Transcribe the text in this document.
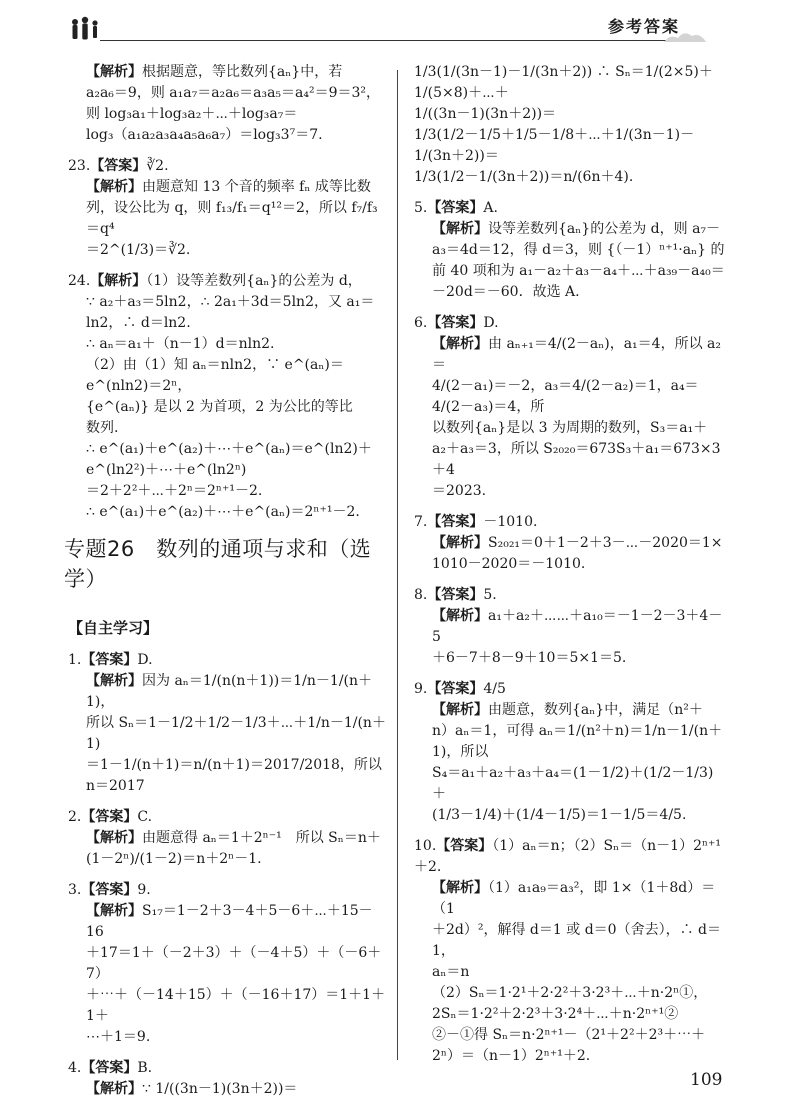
参考答案
【解析】根据题意，等比数列{aₙ}中，若
a₂a₆＝9，则 a₁a₇＝a₂a₆＝a₃a₅＝a₄²＝9＝3²，
则 log₃a₁＋log₃a₂＋⋯＋log₃a₇＝
log₃（a₁a₂a₃a₄a₅a₆a₇）＝log₃3⁷＝7.
23.【答案】∛2.
【解析】由题意知 13 个音的频率 fₙ 成等比数
列，设公比为 q，则 f₁₃/f₁＝q¹²＝2，所以 f₇/f₃＝q⁴
＝2^(1/3)＝∛2.
24.【解析】（1）设等差数列{aₙ}的公差为 d，
∵ a₂＋a₃＝5ln2，∴ 2a₁＋3d＝5ln2，又 a₁＝
ln2，∴ d＝ln2.
∴ aₙ＝a₁＋（n－1）d＝nln2.
（2）由（1）知 aₙ＝nln2，∵ e^(aₙ)＝e^(nln2)＝2ⁿ，
{e^(aₙ)} 是以 2 为首项，2 为公比的等比
数列.
∴ e^(a₁)＋e^(a₂)＋⋯＋e^(aₙ)＝e^(ln2)＋e^(ln2²)＋⋯＋e^(ln2ⁿ)
＝2＋2²＋⋯＋2ⁿ＝2ⁿ⁺¹－2.
∴ e^(a₁)＋e^(a₂)＋⋯＋e^(aₙ)＝2ⁿ⁺¹－2.
专题26　数列的通项与求和（选学）
【自主学习】
1.【答案】D.
【解析】因为 aₙ＝1/(n(n＋1))＝1/n－1/(n＋1)，
所以 Sₙ＝1－1/2＋1/2－1/3＋⋯＋1/n－1/(n＋1)
＝1－1/(n＋1)＝n/(n＋1)＝2017/2018，所以 n＝2017
2.【答案】C.
【解析】由题意得 aₙ＝1＋2ⁿ⁻¹　所以 Sₙ＝n＋
(1－2ⁿ)/(1－2)＝n＋2ⁿ－1.
3.【答案】9.
【解析】S₁₇＝1－2＋3－4＋5－6＋⋯＋15－16
＋17＝1＋（－2＋3）＋（－4＋5）＋（－6＋7）
＋⋯＋（－14＋15）＋（－16＋17）＝1＋1＋1＋
⋯＋1＝9.
4.【答案】B.
【解析】∵ 1/((3n－1)(3n＋2))＝
1/3(1/(3n－1)－1/(3n＋2)) ∴ Sₙ＝1/(2×5)＋1/(5×8)＋⋯＋
1/((3n－1)(3n＋2))＝
1/3(1/2－1/5＋1/5－1/8＋⋯＋1/(3n－1)－1/(3n＋2))＝
1/3(1/2－1/(3n＋2))＝n/(6n＋4).
5.【答案】A.
【解析】设等差数列{aₙ}的公差为 d，则 a₇－
a₃＝4d＝12，得 d＝3，则 {（－1）ⁿ⁺¹·aₙ} 的
前 40 项和为 a₁－a₂＋a₃－a₄＋⋯＋a₃₉－a₄₀＝
－20d＝－60．故选 A.
6.【答案】D.
【解析】由 aₙ₊₁＝4/(2－aₙ)，a₁＝4，所以 a₂＝
4/(2－a₁)＝－2，a₃＝4/(2－a₂)＝1，a₄＝4/(2－a₃)＝4，所
以数列{aₙ}是以 3 为周期的数列，S₃＝a₁＋
a₂＋a₃＝3，所以 S₂₀₂₀＝673S₃＋a₁＝673×3＋4
＝2023.
7.【答案】－1010.
【解析】S₂₀₂₁＝0＋1－2＋3－⋯－2020＝1×
1010－2020＝－1010.
8.【答案】5.
【解析】a₁＋a₂＋⋯⋯＋a₁₀＝－1－2－3＋4－5
＋6－7＋8－9＋10＝5×1＝5.
9.【答案】4/5
【解析】由题意，数列{aₙ}中，满足（n²＋
n）aₙ＝1，可得 aₙ＝1/(n²＋n)＝1/n－1/(n＋1)，所以
S₄＝a₁＋a₂＋a₃＋a₄＝(1－1/2)＋(1/2－1/3)＋
(1/3－1/4)＋(1/4－1/5)＝1－1/5＝4/5.
10.【答案】（1）aₙ＝n；（2）Sₙ＝（n－1）2ⁿ⁺¹＋2.
【解析】（1）a₁a₉＝a₃²，即 1×（1＋8d）＝（1
＋2d）²，解得 d＝1 或 d＝0（舍去），∴ d＝1，
aₙ＝n
（2）Sₙ＝1·2¹＋2·2²＋3·2³＋⋯＋n·2ⁿ①，
2Sₙ＝1·2²＋2·2³＋3·2⁴＋⋯＋n·2ⁿ⁺¹②
②－①得 Sₙ＝n·2ⁿ⁺¹－（2¹＋2²＋2³＋⋯＋
2ⁿ）＝（n－1）2ⁿ⁺¹＋2.
109
